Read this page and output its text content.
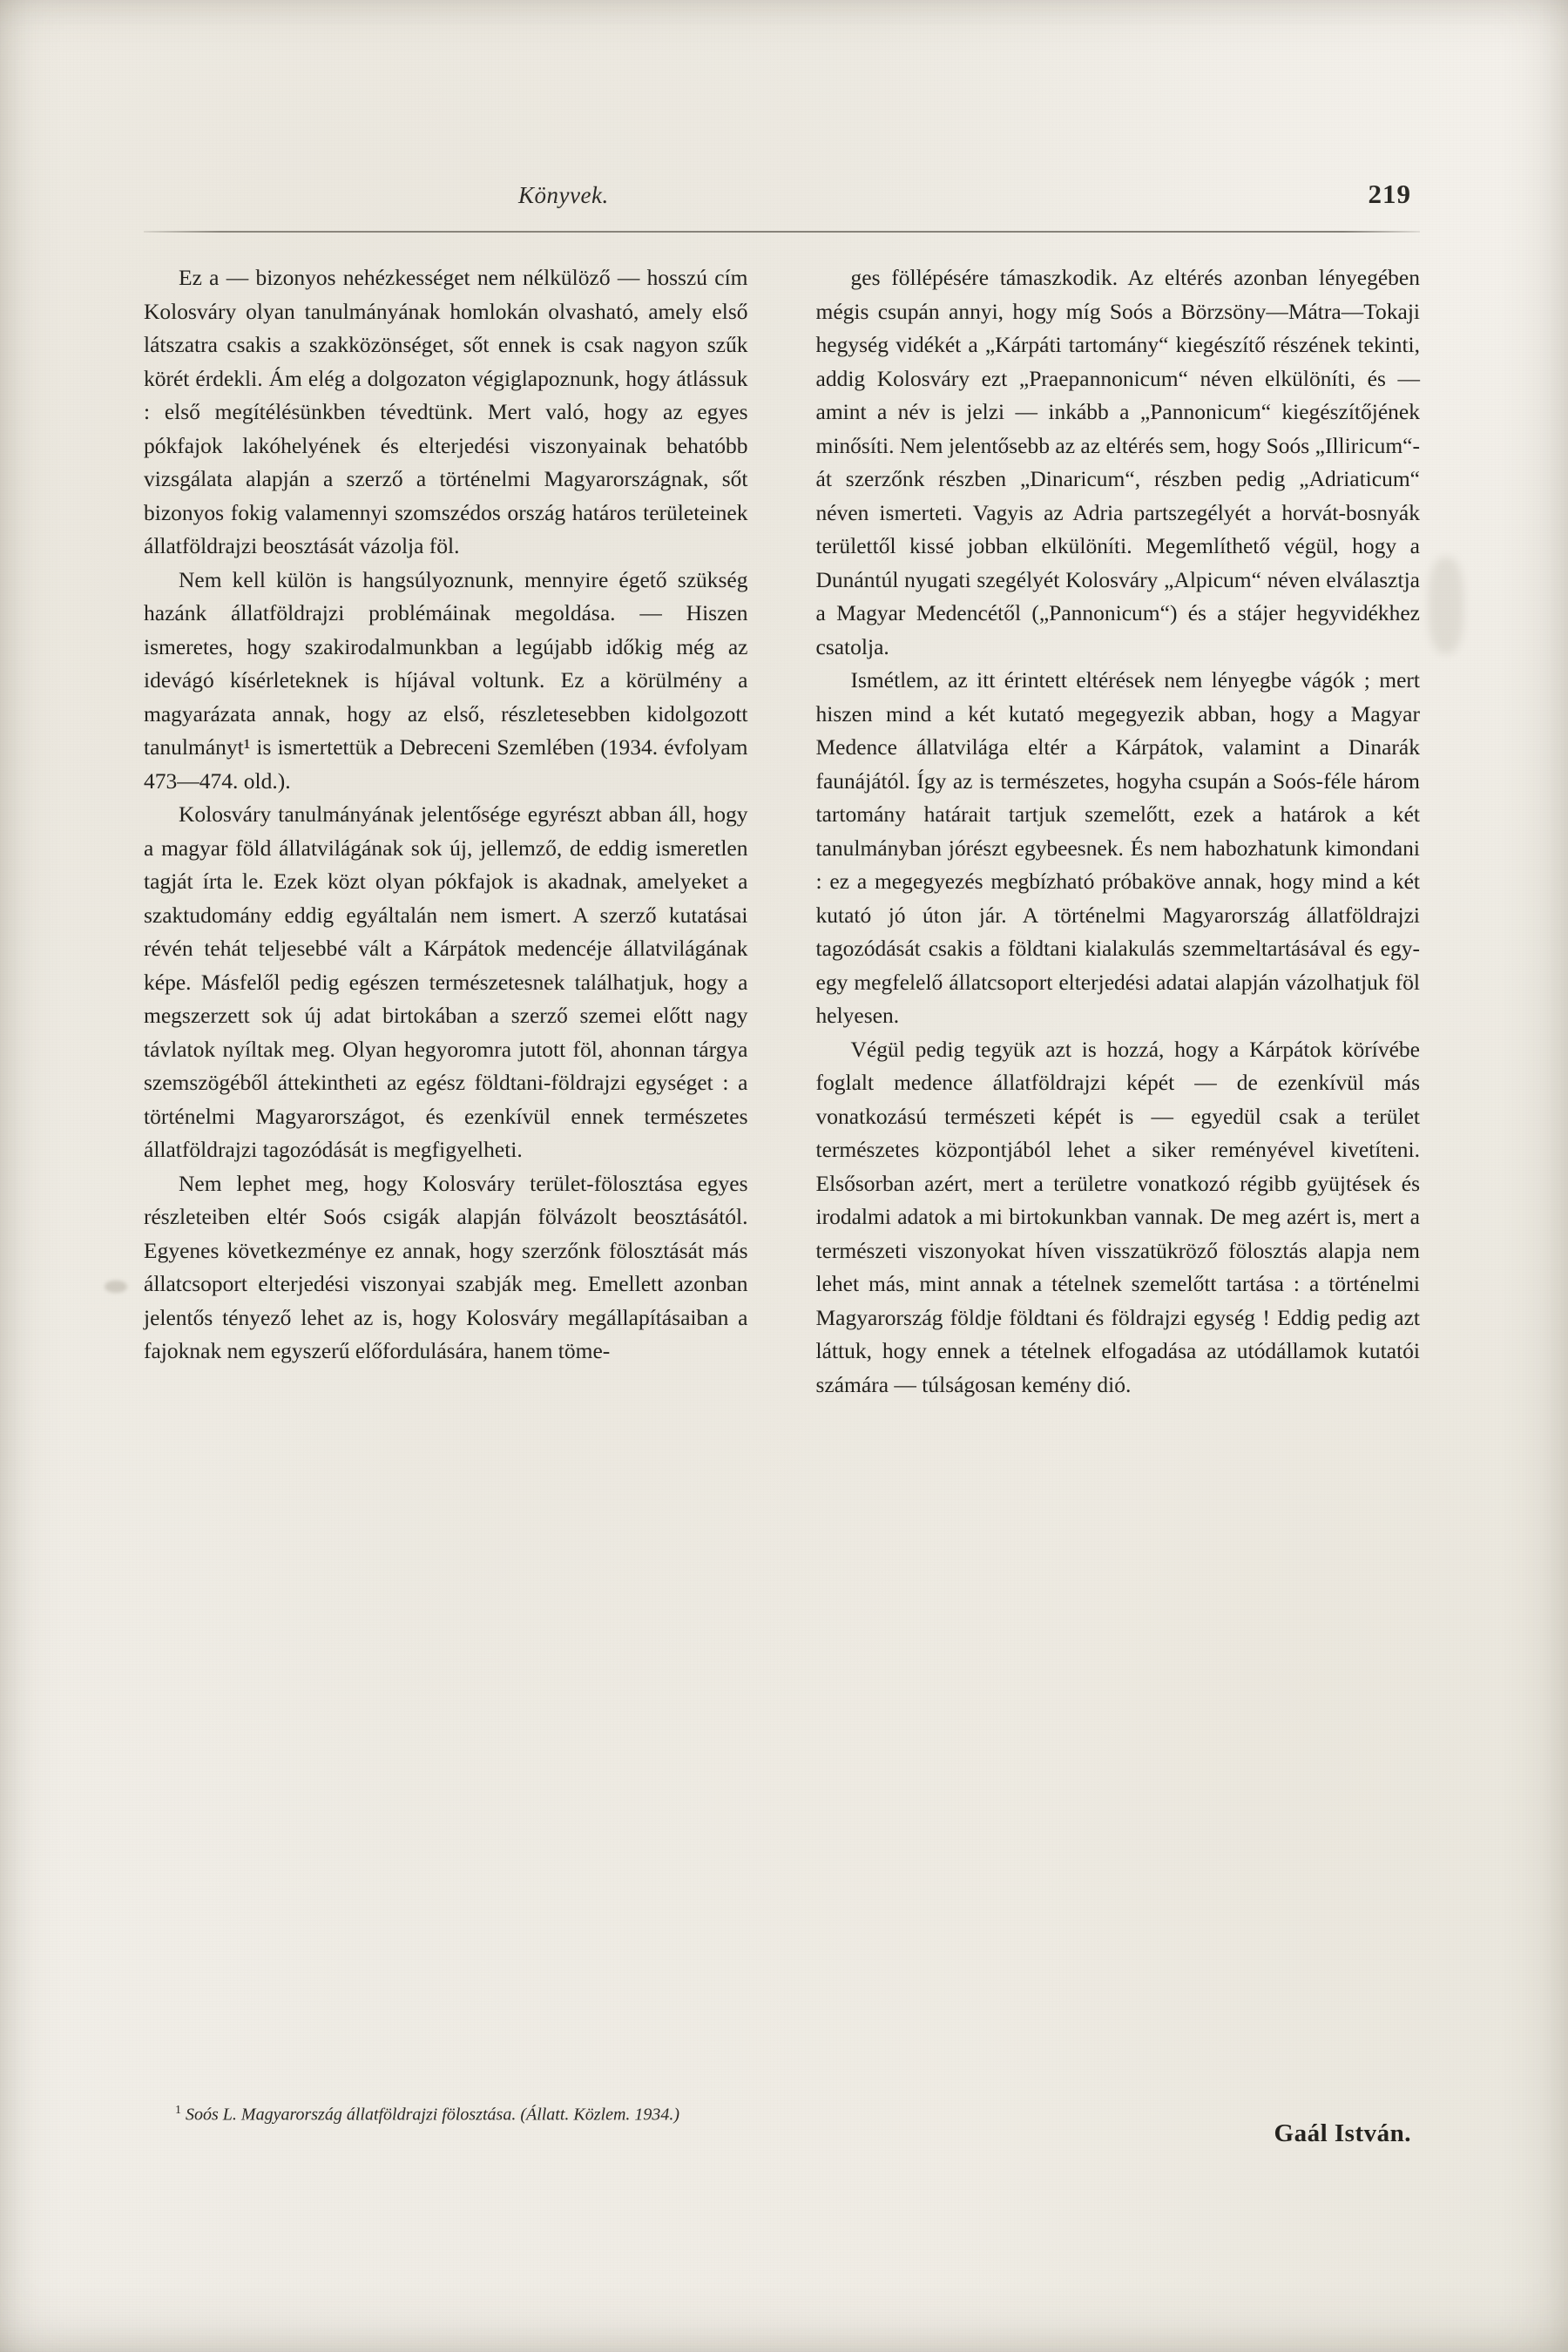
Könyvek.	219

Ez a — bizonyos nehézkességet nem nélkülöző — hosszú cím Kolosváry olyan tanulmányának homlokán olvasható, amely első látszatra csakis a szakközönséget, sőt ennek is csak nagyon szűk körét érdekli. Ám elég a dolgozaton végiglapoznunk, hogy átlássuk : első megítélésünkben tévedtünk. Mert való, hogy az egyes pókfajok lakóhelyének és elterjedési viszonyainak behatóbb vizsgálata alapján a szerző a történelmi Magyarországnak, sőt bizonyos fokig valamennyi szomszédos ország határos területeinek állatföldrajzi beosztását vázolja föl.

Nem kell külön is hangsúlyoznunk, mennyire égető szükség hazánk állatföldrajzi problémáinak megoldása. — Hiszen ismeretes, hogy szakirodalmunkban a legújabb időkig még az idevágó kísérleteknek is híjával voltunk. Ez a körülmény a magyarázata annak, hogy az első, részletesebben kidolgozott tanulmányt¹ is ismertettük a Debreceni Szemlében (1934. évfolyam 473—474. old.).

Kolosváry tanulmányának jelentősége egyrészt abban áll, hogy a magyar föld állatvilágának sok új, jellemző, de eddig ismeretlen tagját írta le. Ezek közt olyan pókfajok is akadnak, amelyeket a szaktudomány eddig egyáltalán nem ismert. A szerző kutatásai révén tehát teljesebbé vált a Kárpátok medencéje állatvilágának képe. Másfelől pedig egészen természetesnek találhatjuk, hogy a megszerzett sok új adat birtokában a szerző szemei előtt nagy távlatok nyíltak meg. Olyan hegyoromra jutott föl, ahonnan tárgya szemszögéből áttekintheti az egész földtani-földrajzi egységet : a történelmi Magyarországot, és ezenkívül ennek természetes állatföldrajzi tagozódását is megfigyelheti.

Nem lephet meg, hogy Kolosváry terület-fölosztása egyes részleteiben eltér Soós csigák alapján fölvázolt beosztásától. Egyenes következménye ez annak, hogy szerzőnk fölosztását más állatcsoport elterjedési viszonyai szabják meg. Emellett azonban jelentős tényező lehet az is, hogy Kolosváry megállapításaiban a fajoknak nem egyszerű előfordulására, hanem töme-

ges föllépésére támaszkodik. Az eltérés azonban lényegében mégis csupán annyi, hogy míg Soós a Börzsöny—Mátra—Tokaji hegység vidékét a „Kárpáti tartomány“ kiegészítő részének tekinti, addig Kolosváry ezt „Praepannonicum“ néven elkülöníti, és — amint a név is jelzi — inkább a „Pannonicum“ kiegészítőjének minősíti. Nem jelentősebb az az eltérés sem, hogy Soós „Illiricum“-át szerzőnk részben „Dinaricum“, részben pedig „Adriaticum“ néven ismerteti. Vagyis az Adria partszegélyét a horvát-bosnyák területtől kissé jobban elkülöníti. Megemlíthető végül, hogy a Dunántúl nyugati szegélyét Kolosváry „Alpicum“ néven elválasztja a Magyar Medencétől („Pannonicum“) és a stájer hegyvidékhez csatolja.

Ismétlem, az itt érintett eltérések nem lényegbe vágók ; mert hiszen mind a két kutató megegyezik abban, hogy a Magyar Medence állatvilága eltér a Kárpátok, valamint a Dinarák faunájától. Így az is természetes, hogyha csupán a Soós-féle három tartomány határait tartjuk szemelőtt, ezek a határok a két tanulmányban jórészt egybeesnek. És nem habozhatunk kimondani : ez a megegyezés megbízható próbaköve annak, hogy mind a két kutató jó úton jár. A történelmi Magyarország állatföldrajzi tagozódását csakis a földtani kialakulás szemmeltartásával és egy-egy megfelelő állatcsoport elterjedési adatai alapján vázolhatjuk föl helyesen.

Végül pedig tegyük azt is hozzá, hogy a Kárpátok körívébe foglalt medence állatföldrajzi képét — de ezenkívül más vonatkozású természeti képét is — egyedül csak a terület természetes központjából lehet a siker reményével kivetíteni. Elsősorban azért, mert a területre vonatkozó régibb gyüjtések és irodalmi adatok a mi birtokunkban vannak. De meg azért is, mert a természeti viszonyokat híven visszatükröző fölosztás alapja nem lehet más, mint annak a tételnek szemelőtt tartása : a történelmi Magyarország földje földtani és földrajzi egység ! Eddig pedig azt láttuk, hogy ennek a tételnek elfogadása az utódállamok kutatói számára — túlságosan kemény dió.

$^1$ Soós L. Magyarország állatföldrajzi fölosztása. (Állatt. Közlem. 1934.)

Gaál István.
